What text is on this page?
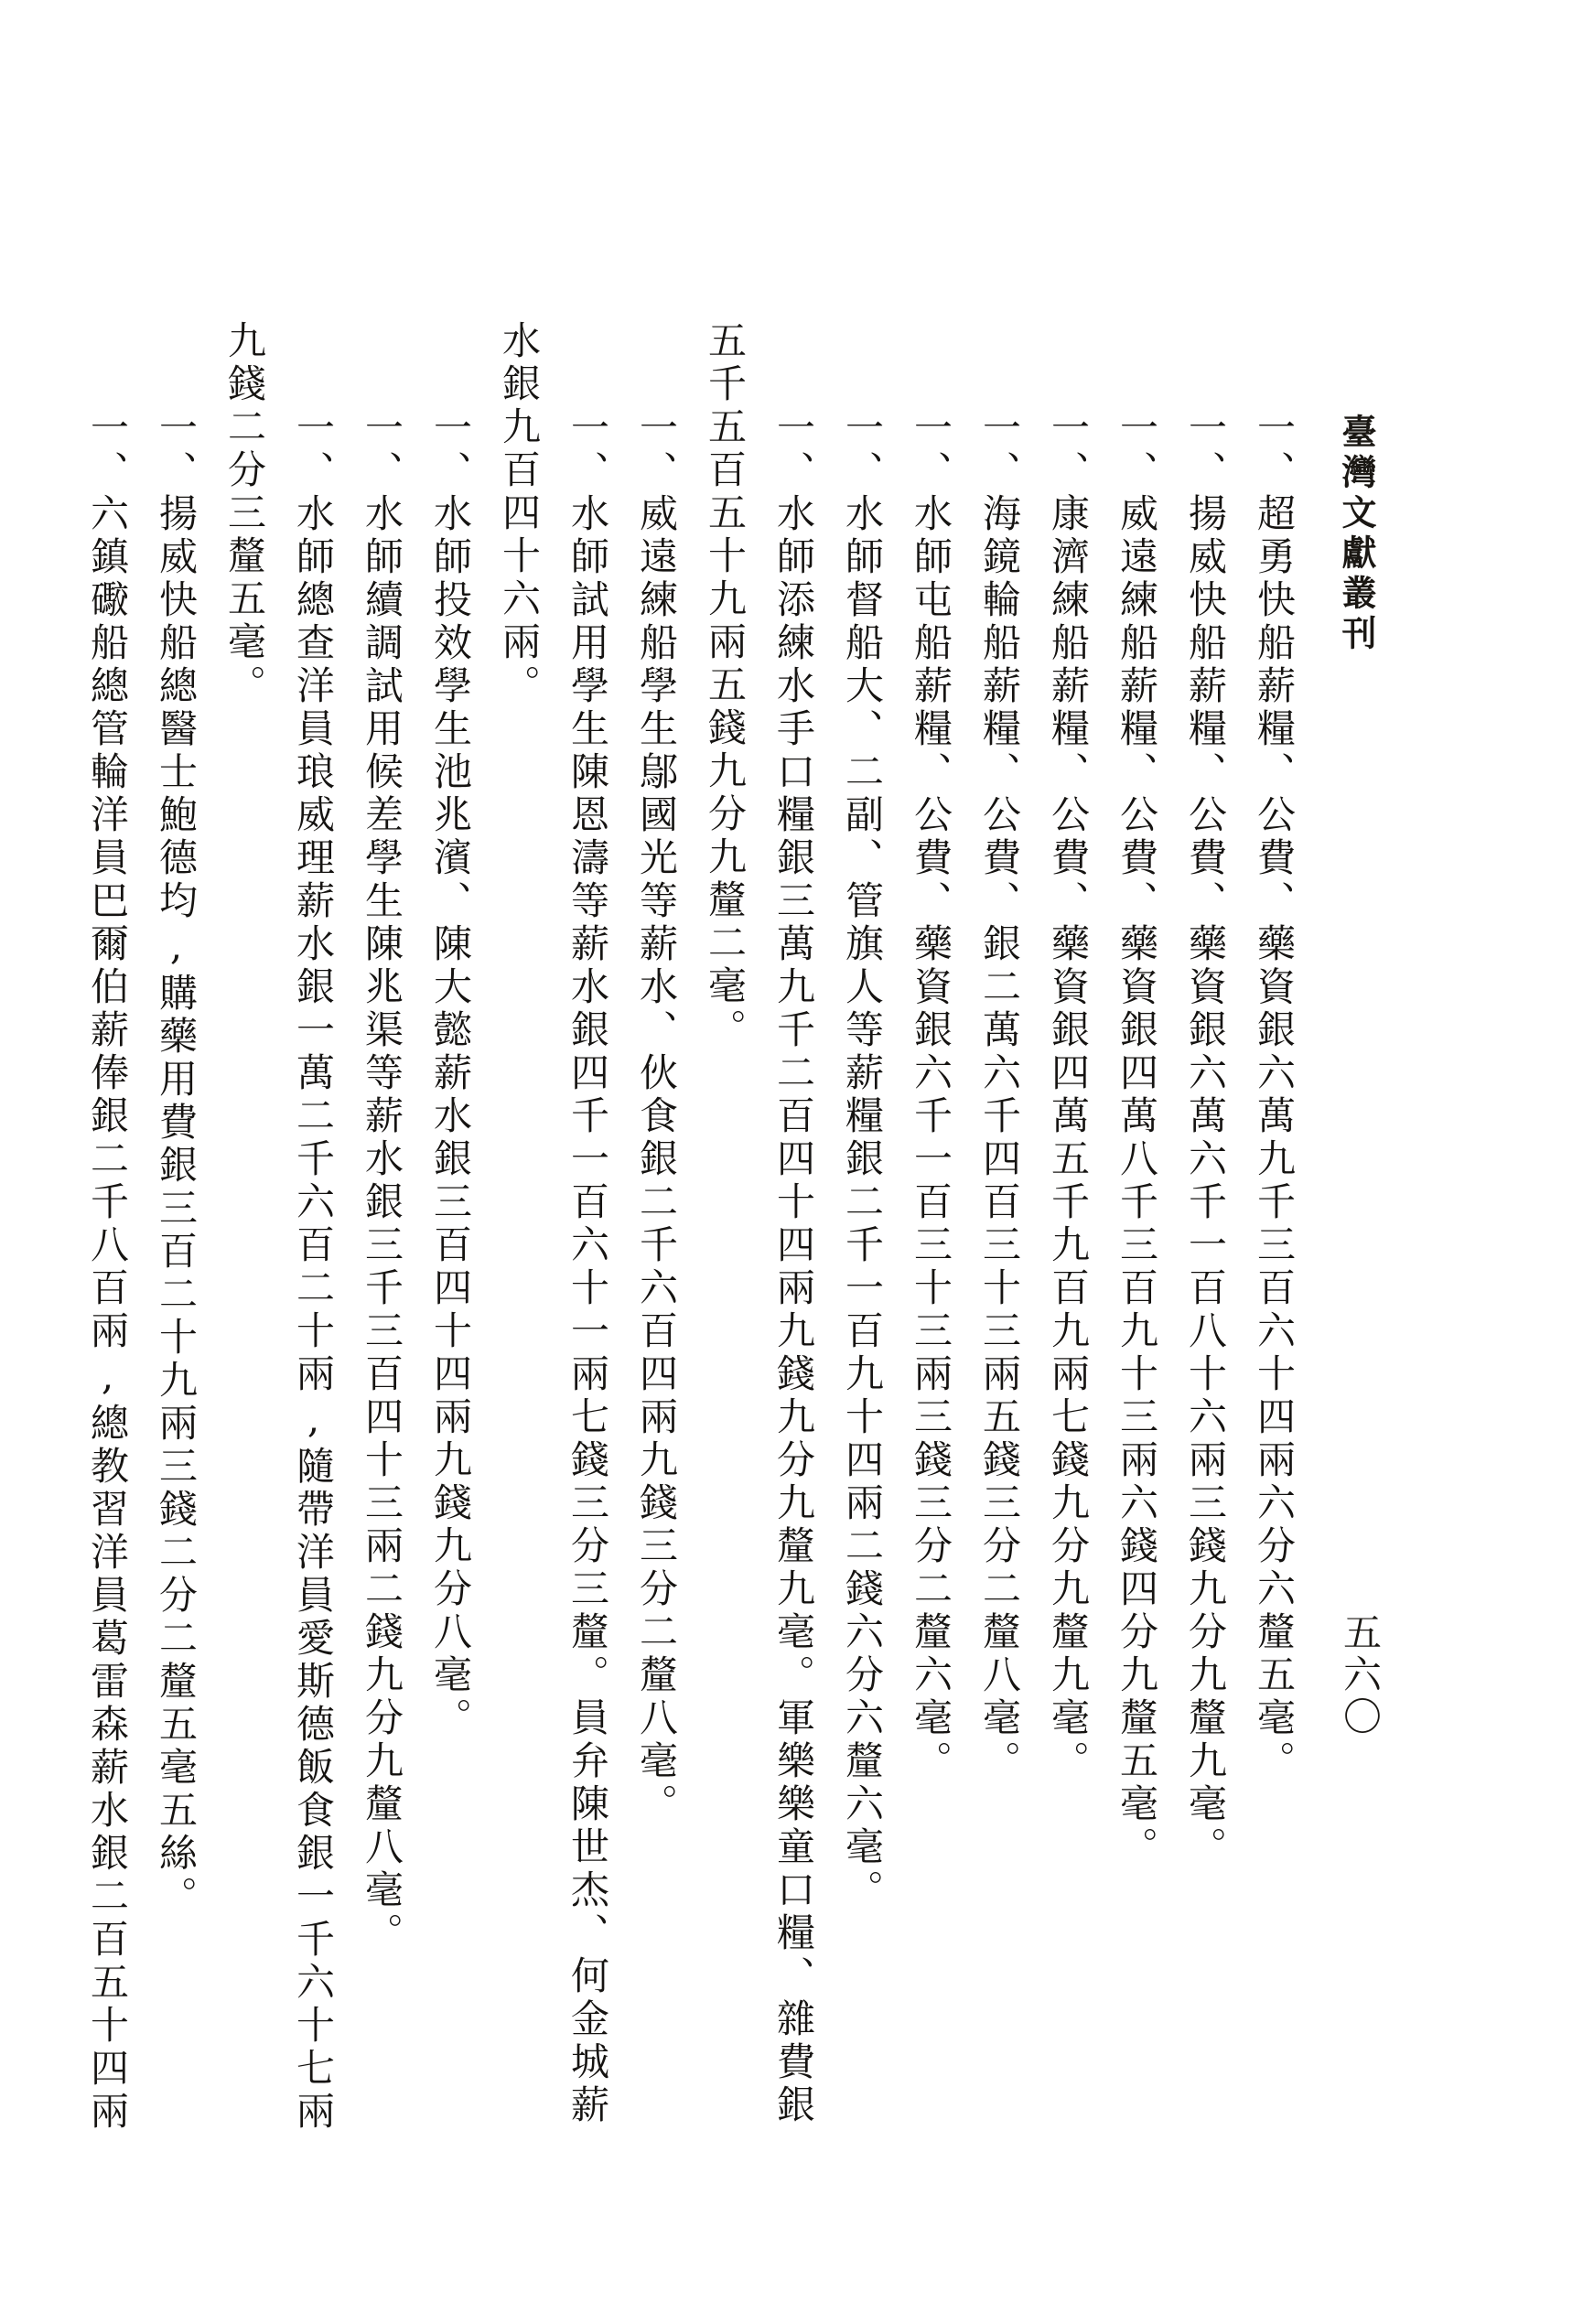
臺灣文獻叢刊
五六〇

一、超勇快船薪糧、公費、藥資銀六萬九千三百六十四兩六分六釐五毫。

一、揚威快船薪糧、公費、藥資銀六萬六千一百八十六兩三錢九分九釐九毫。

一、威遠練船薪糧、公費、藥資銀四萬八千三百九十三兩六錢四分九釐五毫。

一、康濟練船薪糧、公費、藥資銀四萬五千九百九兩七錢九分九釐九毫。

一、海鏡輪船薪糧、公費、銀二萬六千四百三十三兩五錢三分二釐八毫。

一、水師屯船薪糧、公費、藥資銀六千一百三十三兩三錢三分二釐六毫。

一、水師督船大、二副、管旗人等薪糧銀二千一百九十四兩二錢六分六釐六毫。

一、水師添練水手口糧銀三萬九千二百四十四兩九錢九分九釐九毫。軍樂樂童口糧、雜費銀五千五百五十九兩五錢九分九釐二毫。

一、威遠練船學生鄔國光等薪水、伙食銀二千六百四兩九錢三分二釐八毫。

一、水師試用學生陳恩濤等薪水銀四千一百六十一兩七錢三分三釐。員弁陳世杰、何金城薪水銀九百四十六兩。

一、水師投效學生池兆濱、陳大懿薪水銀三百四十四兩九錢九分八毫。

一、水師續調試用候差學生陳兆渠等薪水銀三千三百四十三兩二錢九分九釐八毫。

一、水師總查洋員琅威理薪水銀一萬二千六百二十兩,隨帶洋員愛斯德飯食銀一千六十七兩九錢二分三釐五毫。

一、揚威快船總醫士鮑德均,購藥用費銀三百二十九兩三錢二分二釐五毫五絲。

一、六鎮礮船總管輪洋員巴爾伯薪俸銀二千八百兩,總教習洋員葛雷森薪水銀二百五十四兩
